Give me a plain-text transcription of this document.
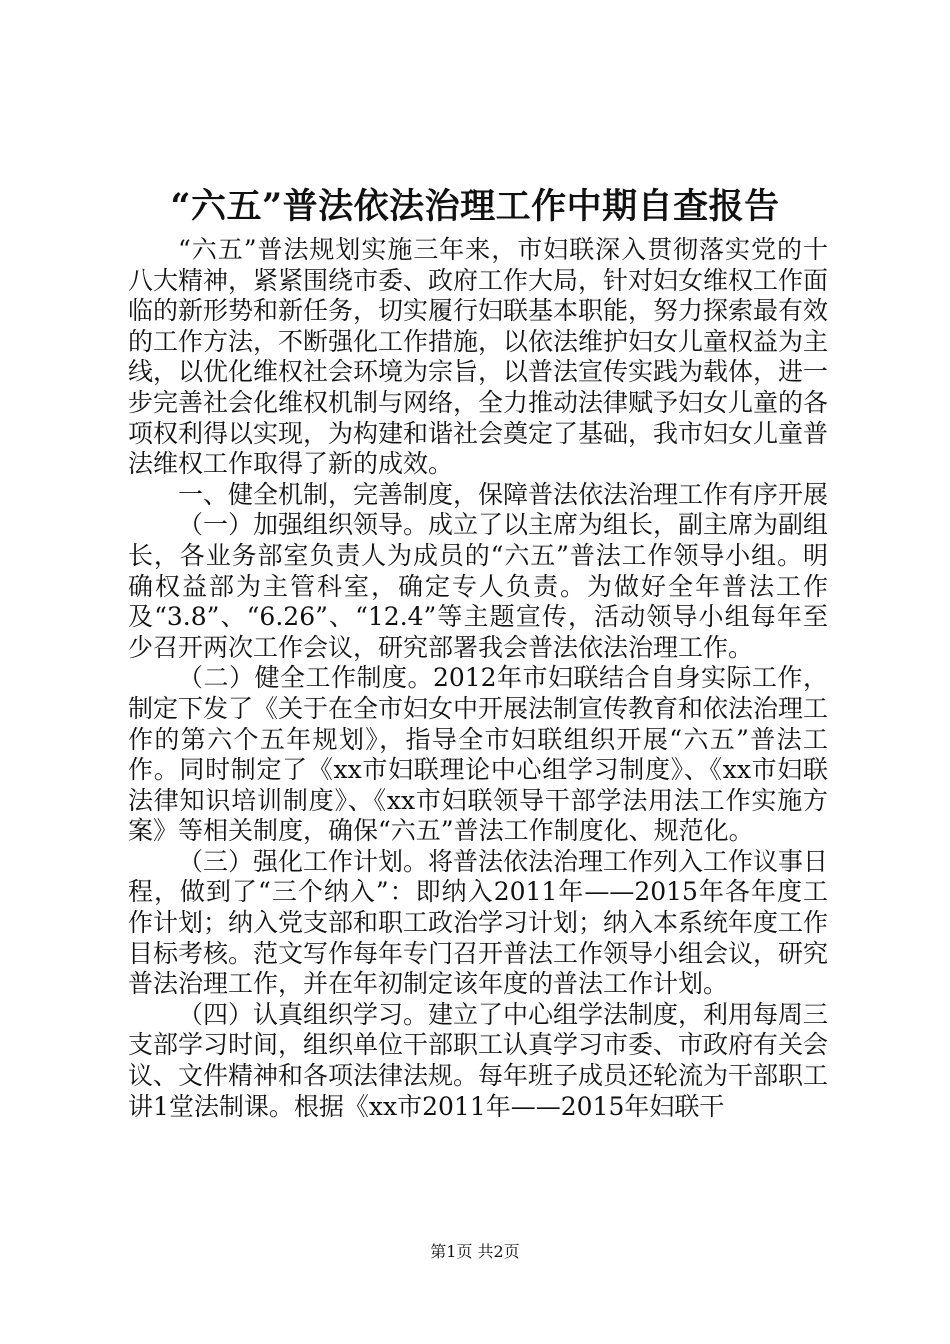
“六五”普法依法治理工作中期自查报告

“六五”普法规划实施三年来，市妇联深入贯彻落实党的十八大精神，紧紧围绕市委、政府工作大局，针对妇女维权工作面临的新形势和新任务，切实履行妇联基本职能，努力探索最有效的工作方法，不断强化工作措施，以依法维护妇女儿童权益为主线，以优化维权社会环境为宗旨，以普法宣传实践为载体，进一步完善社会化维权机制与网络，全力推动法律赋予妇女儿童的各项权利得以实现，为构建和谐社会奠定了基础，我市妇女儿童普法维权工作取得了新的成效。

一、健全机制，完善制度，保障普法依法治理工作有序开展

（一）加强组织领导。成立了以主席为组长，副主席为副组长，各业务部室负责人为成员的“六五”普法工作领导小组。明确权益部为主管科室，确定专人负责。为做好全年普法工作及“3.8”、“6.26”、“12.4”等主题宣传，活动领导小组每年至少召开两次工作会议，研究部署我会普法依法治理工作。

（二）健全工作制度。2012年市妇联结合自身实际工作，制定下发了《关于在全市妇女中开展法制宣传教育和依法治理工作的第六个五年规划》，指导全市妇联组织开展“六五”普法工作。同时制定了《xx市妇联理论中心组学习制度》、《xx市妇联法律知识培训制度》、《xx市妇联领导干部学法用法工作实施方案》等相关制度，确保“六五”普法工作制度化、规范化。

（三）强化工作计划。将普法依法治理工作列入工作议事日程，做到了“三个纳入”：即纳入2011年——2015年各年度工作计划；纳入党支部和职工政治学习计划；纳入本系统年度工作目标考核。范文写作每年专门召开普法工作领导小组会议，研究普法治理工作，并在年初制定该年度的普法工作计划。

（四）认真组织学习。建立了中心组学法制度，利用每周三支部学习时间，组织单位干部职工认真学习市委、市政府有关会议、文件精神和各项法律法规。每年班子成员还轮流为干部职工讲1堂法制课。根据《xx市2011年——2015年妇联干

第1页 共2页
